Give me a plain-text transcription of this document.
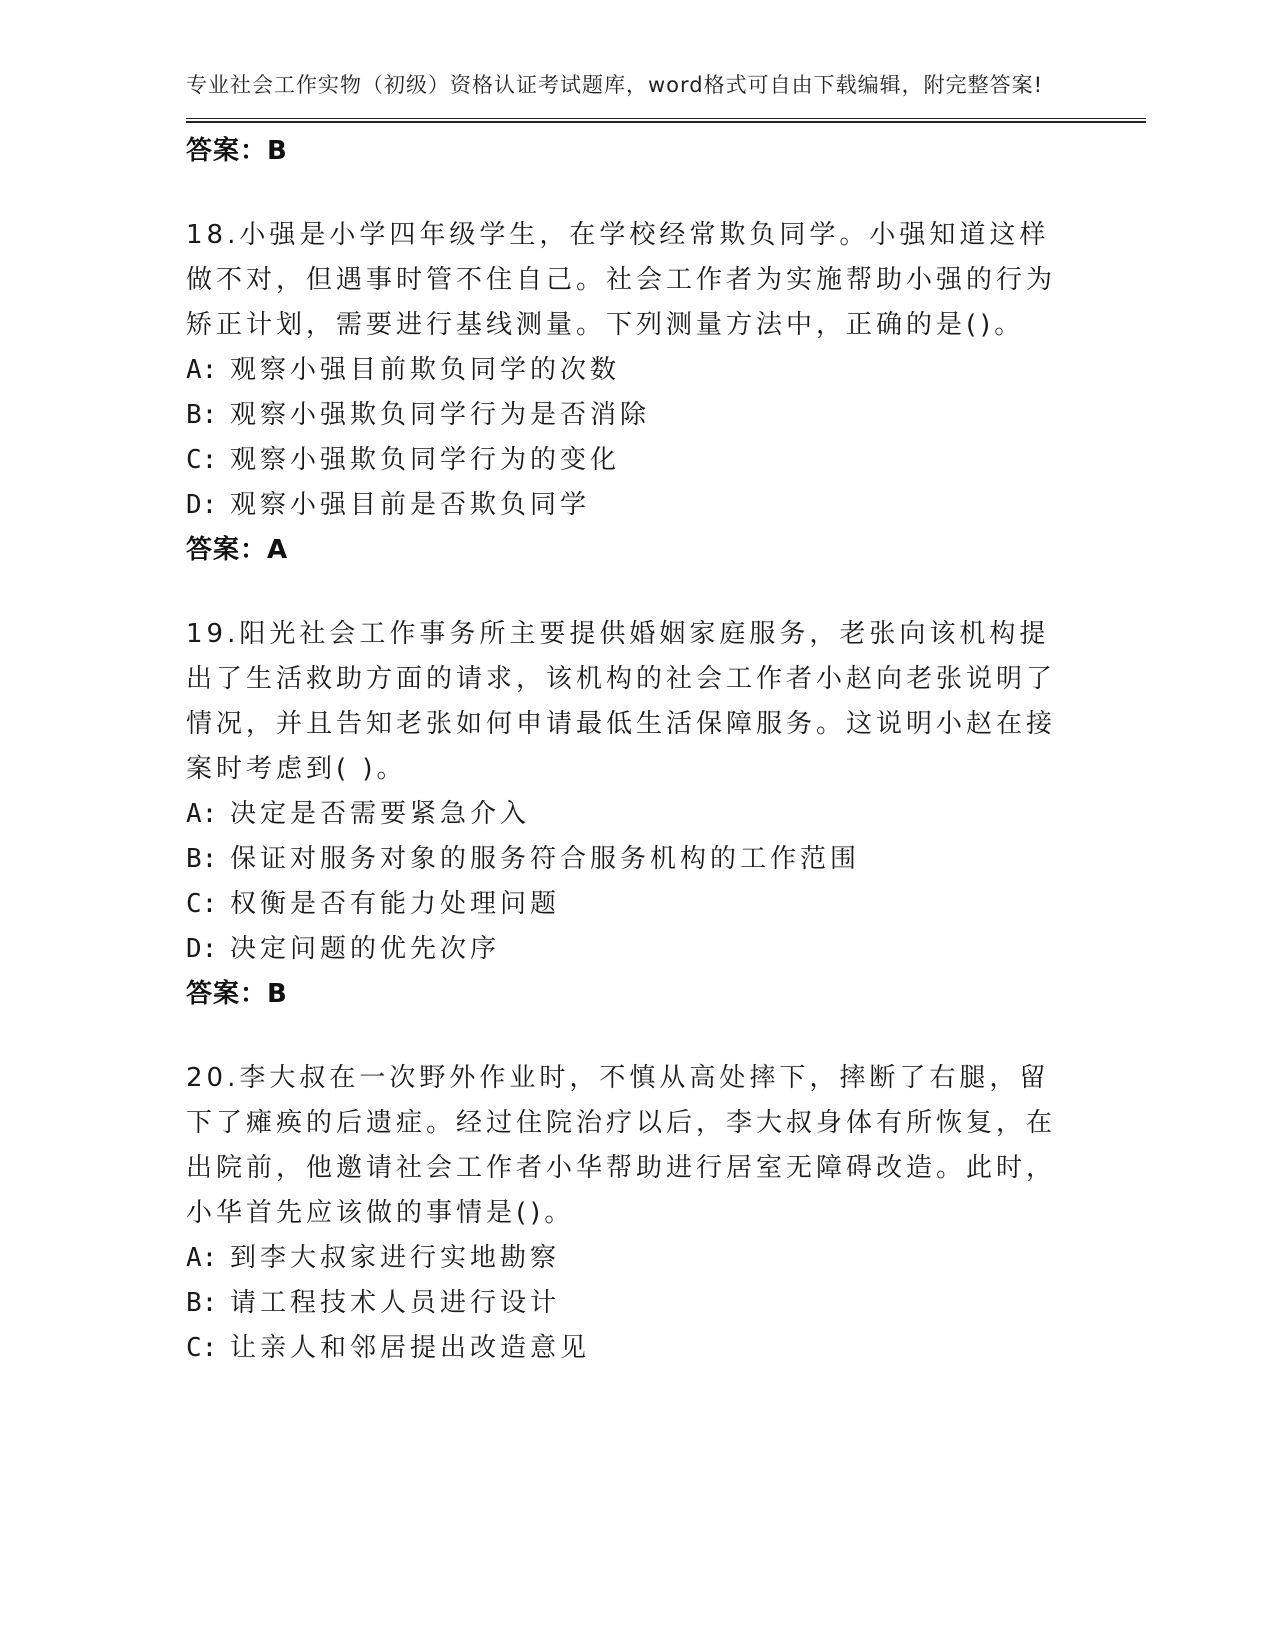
专业社会工作实物（初级）资格认证考试题库，word格式可自由下载编辑，附完整答案!
答案：B
18.小强是小学四年级学生，在学校经常欺负同学。小强知道这样做不对，但遇事时管不住自己。社会工作者为实施帮助小强的行为矫正计划，需要进行基线测量。下列测量方法中，正确的是()。
A: 观察小强目前欺负同学的次数
B: 观察小强欺负同学行为是否消除
C: 观察小强欺负同学行为的变化
D: 观察小强目前是否欺负同学
答案：A
19.阳光社会工作事务所主要提供婚姻家庭服务，老张向该机构提出了生活救助方面的请求，该机构的社会工作者小赵向老张说明了情况，并且告知老张如何申请最低生活保障服务。这说明小赵在接案时考虑到( )。
A: 决定是否需要紧急介入
B: 保证对服务对象的服务符合服务机构的工作范围
C: 权衡是否有能力处理问题
D: 决定问题的优先次序
答案：B
20.李大叔在一次野外作业时，不慎从高处摔下，摔断了右腿，留下了瘫痪的后遗症。经过住院治疗以后，李大叔身体有所恢复，在出院前，他邀请社会工作者小华帮助进行居室无障碍改造。此时，小华首先应该做的事情是()。
A: 到李大叔家进行实地勘察
B: 请工程技术人员进行设计
C: 让亲人和邻居提出改造意见
